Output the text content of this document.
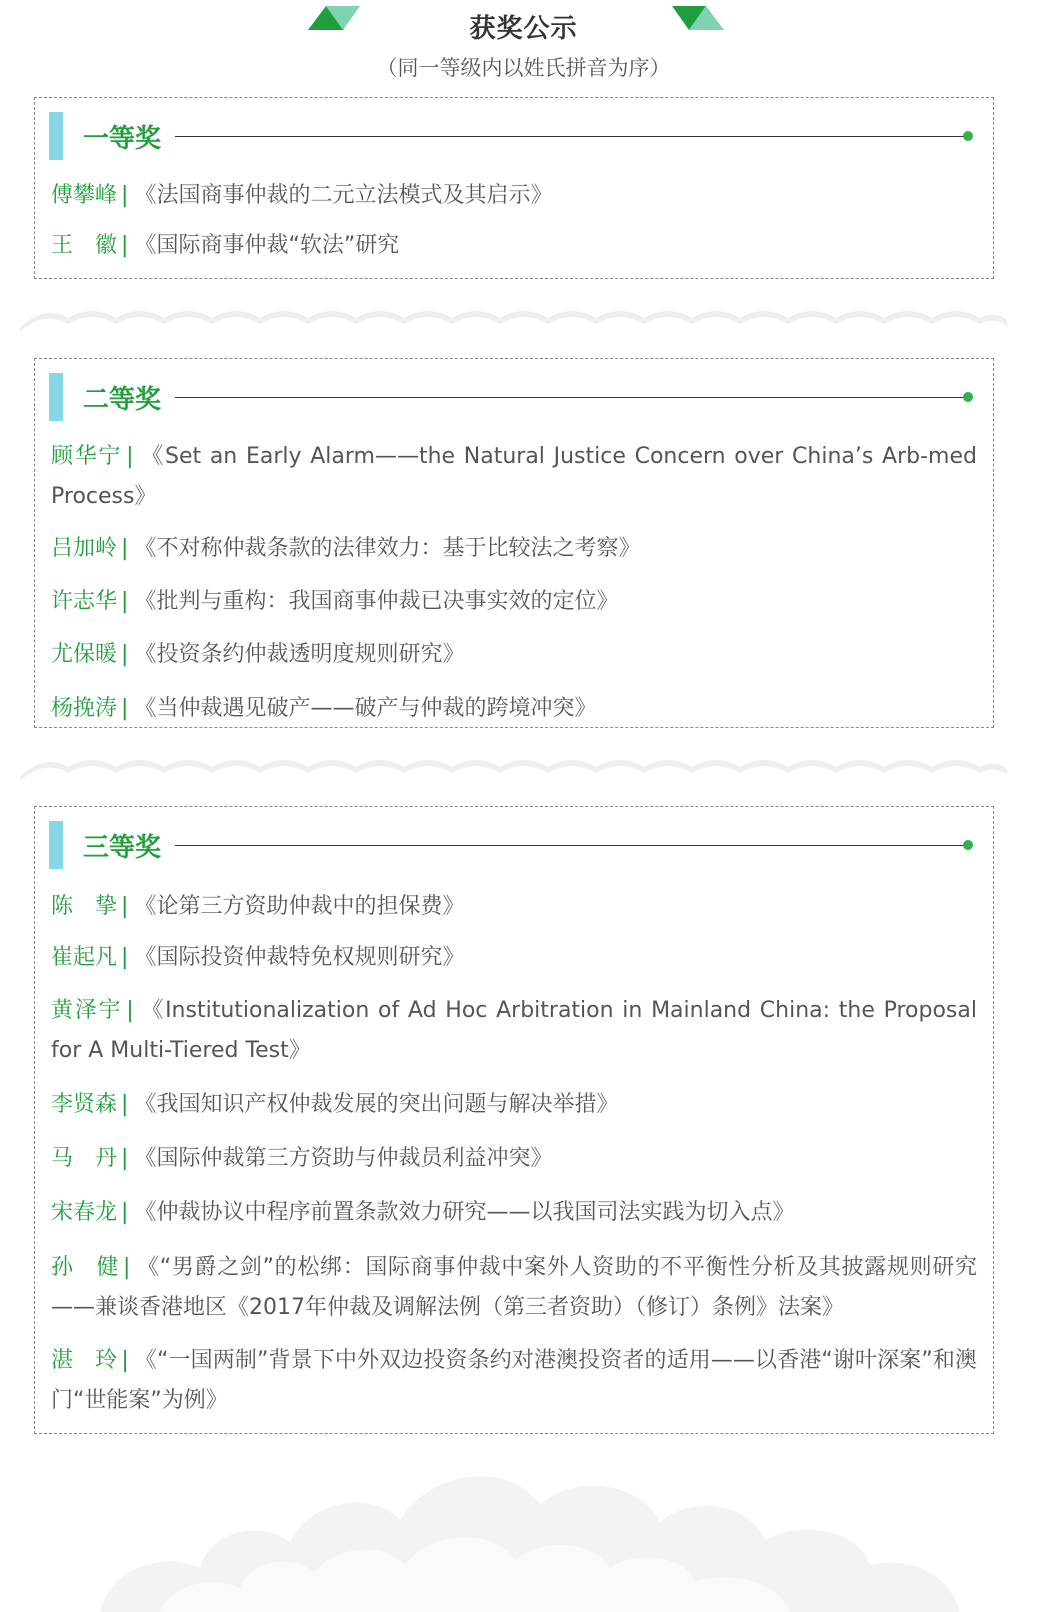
获奖公示
（同一等级内以姓氏拼音为序）
一等奖
傅攀峰 | 《法国商事仲裁的二元立法模式及其启示》
王　徽 | 《国际商事仲裁“软法”研究
二等奖
顾华宁 | 《Set an Early Alarm——the Natural Justice Concern over China’s Arb-med Process》
吕加岭 | 《不对称仲裁条款的法律效力：基于比较法之考察》
许志华 | 《批判与重构：我国商事仲裁已决事实效的定位》
尤保暖 | 《投资条约仲裁透明度规则研究》
杨挽涛 | 《当仲裁遇见破产——破产与仲裁的跨境冲突》
三等奖
陈　挚 | 《论第三方资助仲裁中的担保费》
崔起凡 | 《国际投资仲裁特免权规则研究》
黄泽宇 | 《Institutionalization of Ad Hoc Arbitration in Mainland China: the Proposal for A Multi-Tiered Test》
李贤森 | 《我国知识产权仲裁发展的突出问题与解决举措》
马　丹 | 《国际仲裁第三方资助与仲裁员利益冲突》
宋春龙 | 《仲裁协议中程序前置条款效力研究——以我国司法实践为切入点》
孙　健 | 《“男爵之剑”的松绑：国际商事仲裁中案外人资助的不平衡性分析及其披露规则研究——兼谈香港地区《2017年仲裁及调解法例（第三者资助）（修订）条例》法案》
湛　玲 | 《“一国两制”背景下中外双边投资条约对港澳投资者的适用——以香港“谢叶深案”和澳门“世能案”为例》
